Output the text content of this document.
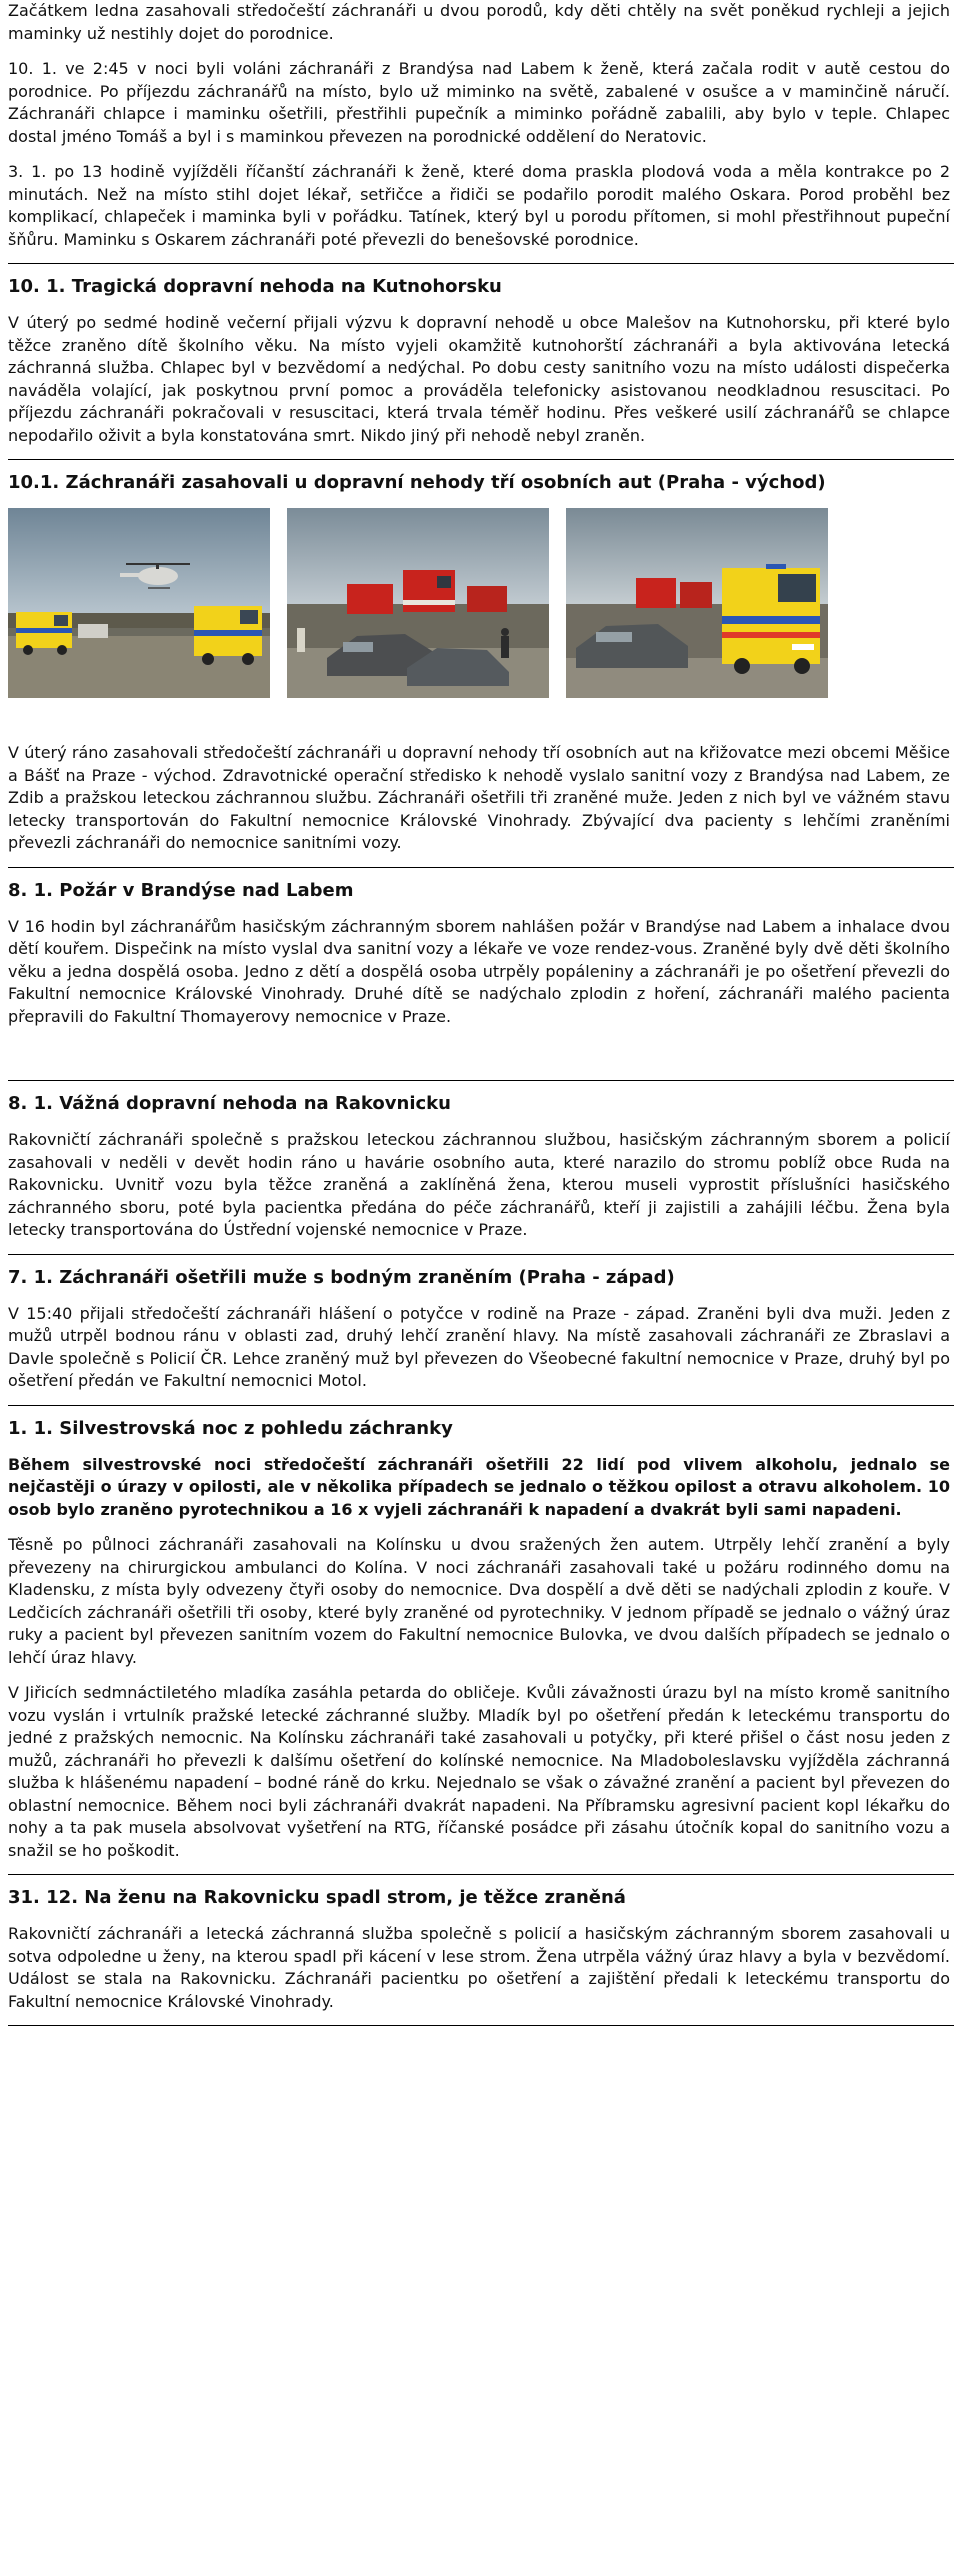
Začátkem ledna zasahovali středočeští záchranáři u dvou porodů, kdy děti chtěly na svět poněkud rychleji a jejich maminky už nestihly dojet do porodnice.

10. 1. ve 2:45 v noci byli voláni záchranáři z Brandýsa nad Labem k ženě, která začala rodit v autě cestou do porodnice. Po příjezdu záchranářů na místo, bylo už miminko na světě, zabalené v osušce a v maminčině náručí. Záchranáři chlapce i maminku ošetřili, přestřihli pupečník a miminko pořádně zabalili, aby bylo v teple. Chlapec dostal jméno Tomáš a byl i s maminkou převezen na porodnické oddělení do Neratovic.

3. 1. po 13 hodině vyjížděli říčanští záchranáři k ženě, které doma praskla plodová voda a měla kontrakce po 2 minutách. Než na místo stihl dojet lékař, setřičce a řidiči se podařilo porodit malého Oskara. Porod proběhl bez komplikací, chlapeček i maminka byli v pořádku. Tatínek, který byl u porodu přítomen, si mohl přestřihnout pupeční šňůru. Maminku s Oskarem záchranáři poté převezli do benešovské porodnice.

10. 1. Tragická dopravní nehoda na Kutnohorsku

V úterý po sedmé hodině večerní přijali výzvu k dopravní nehodě u obce Malešov na Kutnohorsku, při které bylo těžce zraněno dítě školního věku. Na místo vyjeli okamžitě kutnohorští záchranáři a byla aktivována letecká záchranná služba. Chlapec byl v bezvědomí a nedýchal. Po dobu cesty sanitního vozu na místo události dispečerka naváděla volající, jak poskytnou první pomoc a prováděla telefonicky asistovanou neodkladnou resuscitaci. Po příjezdu záchranáři pokračovali v resuscitaci, která trvala téměř hodinu. Přes veškeré usilí záchranářů se chlapce nepodařilo oživit a byla konstatována smrt. Nikdo jiný při nehodě nebyl zraněn.

10.1. Záchranáři zasahovali u dopravní nehody tří osobních aut (Praha - východ)

V úterý ráno zasahovali středočeští záchranáři u dopravní nehody tří osobních aut na křižovatce mezi obcemi Měšice a Bášť na Praze - východ. Zdravotnické operační středisko k nehodě vyslalo sanitní vozy z Brandýsa nad Labem, ze Zdib a pražskou leteckou záchrannou službu. Záchranáři ošetřili tři zraněné muže. Jeden z nich byl ve vážném stavu letecky transportován do Fakultní nemocnice Královské Vinohrady. Zbývající dva pacienty s lehčími zraněními převezli záchranáři do nemocnice sanitními vozy.

8. 1. Požár v Brandýse nad Labem

V 16 hodin byl záchranářům hasičským záchranným sborem nahlášen požár v Brandýse nad Labem a inhalace dvou dětí kouřem. Dispečink na místo vyslal dva sanitní vozy a lékaře ve voze rendez-vous. Zraněné byly dvě děti školního věku a jedna dospělá osoba. Jedno z dětí a dospělá osoba utrpěly popáleniny a záchranáři je po ošetření převezli do Fakultní nemocnice Královské Vinohrady. Druhé dítě se nadýchalo zplodin z hoření, záchranáři malého pacienta přepravili do Fakultní Thomayerovy nemocnice v Praze.

8. 1. Vážná dopravní nehoda na Rakovnicku

Rakovničtí záchranáři společně s pražskou leteckou záchrannou službou, hasičským záchranným sborem a policií zasahovali v neděli v devět hodin ráno u havárie osobního auta, které narazilo do stromu poblíž obce Ruda na Rakovnicku. Uvnitř vozu byla těžce zraněná a zaklíněná žena, kterou museli vyprostit příslušníci hasičského záchranného sboru, poté byla pacientka předána do péče záchranářů, kteří ji zajistili a zahájili léčbu. Žena byla letecky transportována do Ústřední vojenské nemocnice v Praze.

7. 1. Záchranáři ošetřili muže s bodným zraněním (Praha - západ)

V 15:40 přijali středočeští záchranáři hlášení o potyčce v rodině na Praze - západ. Zraněni byli dva muži. Jeden z mužů utrpěl bodnou ránu v oblasti zad, druhý lehčí zranění hlavy. Na místě zasahovali záchranáři ze Zbraslavi a Davle společně s Policií ČR. Lehce zraněný muž byl převezen do Všeobecné fakultní nemocnice v Praze, druhý byl po ošetření předán ve Fakultní nemocnici Motol.

1. 1. Silvestrovská noc z pohledu záchranky

Během silvestrovské noci středočeští záchranáři ošetřili 22 lidí pod vlivem alkoholu, jednalo se nejčastěji o úrazy v opilosti, ale v několika případech se jednalo o těžkou opilost a otravu alkoholem. 10 osob bylo zraněno pyrotechnikou a 16 x vyjeli záchranáři k napadení a dvakrát byli sami napadeni.

Těsně po půlnoci záchranáři zasahovali na Kolínsku u dvou sražených žen autem. Utrpěly lehčí zranění a byly převezeny na chirurgickou ambulanci do Kolína. V noci záchranáři zasahovali také u požáru rodinného domu na Kladensku, z místa byly odvezeny čtyři osoby do nemocnice. Dva dospělí a dvě děti se nadýchali zplodin z kouře. V Ledčicích záchranáři ošetřili tři osoby, které byly zraněné od pyrotechniky. V jednom případě se jednalo o vážný úraz ruky a pacient byl převezen sanitním vozem do Fakultní nemocnice Bulovka, ve dvou dalších případech se jednalo o lehčí úraz hlavy.

V Jiřicích sedmnáctiletého mladíka zasáhla petarda do obličeje. Kvůli závažnosti úrazu byl na místo kromě sanitního vozu vyslán i vrtulník pražské letecké záchranné služby. Mladík byl po ošetření předán k leteckému transportu do jedné z pražských nemocnic. Na Kolínsku záchranáři také zasahovali u potyčky, při které přišel o část nosu jeden z mužů, záchranáři ho převezli k dalšímu ošetření do kolínské nemocnice. Na Mladoboleslavsku vyjížděla záchranná služba k hlášenému napadení – bodné ráně do krku. Nejednalo se však o závažné zranění a pacient byl převezen do oblastní nemocnice. Během noci byli záchranáři dvakrát napadeni. Na Příbramsku agresivní pacient kopl lékařku do nohy a ta pak musela absolvovat vyšetření na RTG, říčanské posádce při zásahu útočník kopal do sanitního vozu a snažil se ho poškodit.

31. 12. Na ženu na Rakovnicku spadl strom, je těžce zraněná

Rakovničtí záchranáři a letecká záchranná služba společně s policií a hasičským záchranným sborem zasahovali u sotva odpoledne u ženy, na kterou spadl při kácení v lese strom. Žena utrpěla vážný úraz hlavy a byla v bezvědomí. Událost se stala na Rakovnicku. Záchranáři pacientku po ošetření a zajištění předali k leteckému transportu do Fakultní nemocnice Královské Vinohrady.
